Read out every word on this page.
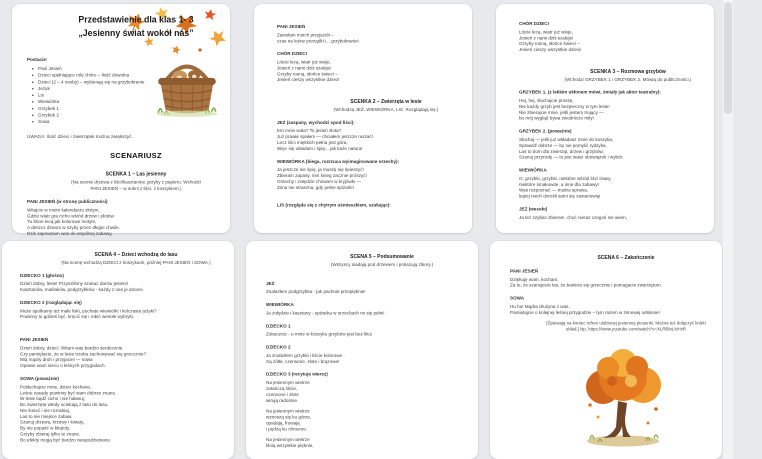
Przedstawienie dla klas 1- 3
„Jesienny świat wokół nas”
Postacie:
• Pani Jesień
• Dzieci spełniające rolę chóru – ilość dowolna
• Dzieci (2 – 4 osoby) – wybierają się na grzybobranie
• Jeżyk
• Lis
• Wiewiórka
• Grzybek 1
• Grzybek 2
• Sowa
UWAGA: Ilość dzieci i zwierzątek można zwiększyć.
SCENARIUSZ
SCENKA 1 – Las jesienny
(Na scenie drzewa z liści/kasztanów, grzyby z papieru. Wchodzi
PANI JESIEŃ – w sukni z liści, z koszykiem.)
PANI JESIEŃ (w stronę publiczności)
Witajcie w moim kalendarzu złotym,
Gdzie wiatr gra cicho wśród drzew i płotów.
Tu liście lecą jak kolorowe motyle,
A deszcz dzwoni w szyby przez długie chwile.
Dziś zapraszam was do wspólnej zabawy,
PANI JESIEŃ
Zawołam moich przyjaciół –
czas na leśne porządki i... grzybobranie!
CHÓR DZIECI
Liście lecą, wiatr już wieje,
Jesień z nami dziś szaleje!
Grzyby rosną, słońce świeci –
Jesień cieszy wszystkie dzieci!
SCENKA 2 – Zwierzęta w lesie
(Wchodzą JEŻ, WIEWIÓRKA, LIS. Rozglądają się.)
JEŻ (zaspany, wychodzi spod liści):
Kto mnie woła? To jesień złota?
Już prawie spałem — chciałem jeszcze ruszać!
Lecz liści miękkich pełna jest góra,
Więc się układam i śpię... jak każe natura!
WIEWIÓRKA (biega, rozrzuca wyimaginowane orzechy):
Ja jeszcze nie śpię, ja muszę się śpieszyć!
Zbieram zapasy, nim śnieg zacznie prószyć!
Orzechy i żołędzie chowam w kryjówki —
Zima nie straszna, gdy pełne spiżarki!
LIS (rozgląda się z chytrym uśmieszkiem, szukając):
CHÓR DZIECI
Liście lecą, wiatr już wieje,
Jesień z nami dziś szaleje!
Grzyby rosną, słońce świeci –
Jesień cieszy wszystkie dzieci!
SCENKA 3 – Rozmowa grzybów
(Wchodzi GRZYBEK 1 i GRZYBEK 2. Mówią do publiczności.)
GRZYBEK 1. (z lekkim ukłonem mówi, śmiały jak aktor teatralny):
Hej, hej, słuchajcie proszę,
Nie każdy grzyb jest bezpieczny w tym lesie!
Nie zbierajcie mnie, jeśli jestem trujący —
bo mój wygląd bywa zwodniczo miły!
GRZYBEK 2. (poważnie)
Słuchaj — jeśli już wkładasz mnie do koszyka,
Sprawdź dobrze — by nie pomylić rydzyka.
Las to dom dla zwierząt, drzew i grzybów,
Szanuj przyrodę — to jest wasz obowiązek i wybór.
WIEWIÓRKA
O, grzybki, grzybki, niektóre wśród liści trawy,
niektóre smakowite, a inne dla zabawy!
Was rozpoznać — trudna sprawa,
lepiej niech dorośli sami się zastanowią!
JEŻ (wesoło)
Ja też szybko zbieram, choć nieraz czegoś nie wiem,
SCENA 4 – Dzieci wchodzą do lasu
(Na scenę wchodzą DZIECI z koszykami, później PANI JESIEŃ i SOWA.)
DZIECKO 1 (głośno)
Dzień dobry, lesie! Przyszliśmy szukać darów jesieni!
Kasztanów, maślaków, podgrzybków - każdy z nas je doceni.
DZIECKO 2 (rozglądając się)
Może spotkamy też małe liski, puchate wiewiórki i kolczaste jeżyki?
Powinny tu gdzieś być, kręcić się i robić wesołe wybryki.
PANI JESIEŃ
Dzień dobry, dzieci. Witam was bardzo serdecznie.
Czy pamiętacie, że w lesie trzeba zachowywać się grzecznie?
Mój mądry druh i przyjaciel — sowa
Opowie wam nieco o leśnych przygodach.
SOWA (poważnie)
Posłuchajcie mnie, dzieci kochane,
Leśne zasady powinny być wam dobrze znane.
W lesie bądź cicho i nie hałasuj,
Bo zwierzęta wtedy uciekają z lasu do lasu.
Nie śmieć i nie rozrabiaj,
Las to nie miejsce zabaw.
Szanuj drzewa, krzewy i kwiaty,
By nie popaść w kłopoty.
Grzyby zbieraj tylko te znane,
Bo efekty mogą być bardzo niespodziewane.
SCENA 5 – Podsumowanie
(Wszyscy siadają pod drzewem i pokazują zbiory.)
JEŻ
Znalazłem podgrzybka - jak pachnie przepięknie!
WIEWIÓRKA
Ja żołędzie i kasztany - spiżarka w orzechach mi się pełni!
DZIECKO 1
Zobaczcie - u mnie w koszyku grzybów jest bez liku!
DZIECKO 2
Ja znalazłem grzybki i liście kolorowe .
Są żółte, czerwone, złote i brązowe!
DZIECKO 3 (recytuje wiersz)
Na jesiennym wietrze
zatańczą liście,
czerwone i złote
wirują radośnie.
Na jesiennym wietrze
wznoszą się ku górze,
opadają, fruwają
i pędzą ku chmurze.
Na jesiennym wietrze
lśnią wszystkie pięknie,
SCENA 6 – Zakończenie
PANI JESIEŃ
Dziękuję wam, kochani.
Za to, że szanujecie las, że bawicie się grzecznie i pomagacie zwierzętom.
SOWA
Hu hu! Mądra drużyna z was.
Pamiętajcie o kolejnej leśnej przygodzie – tym razem w zimowej odsłonie!
[Śpiewają na koniec refren ulubionej jesiennej piosenki. Można też dołączyć krótki
układ.] Np. https://www.youtube.com/watch?v=XLRBlnLNHxR
